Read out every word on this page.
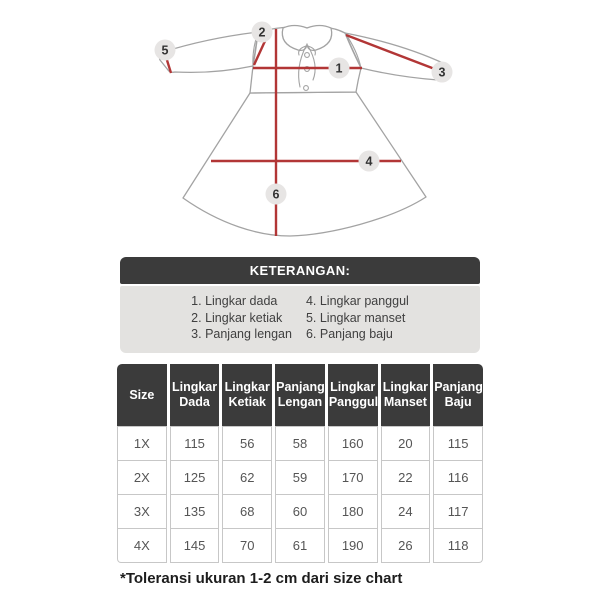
1
2
3
4
5
6
KETERANGAN:
1. Lingkar dada
2. Lingkar ketiak
3. Panjang lengan
4. Lingkar panggul
5. Lingkar manset
6. Panjang baju
Size	Lingkar Dada	Lingkar Ketiak	Panjang Lengan	Lingkar Panggul	Lingkar Manset	Panjang Baju
1X	115	56	58	160	20	115
2X	125	62	59	170	22	116
3X	135	68	60	180	24	117
4X	145	70	61	190	26	118
*Toleransi ukuran 1-2 cm dari size chart
